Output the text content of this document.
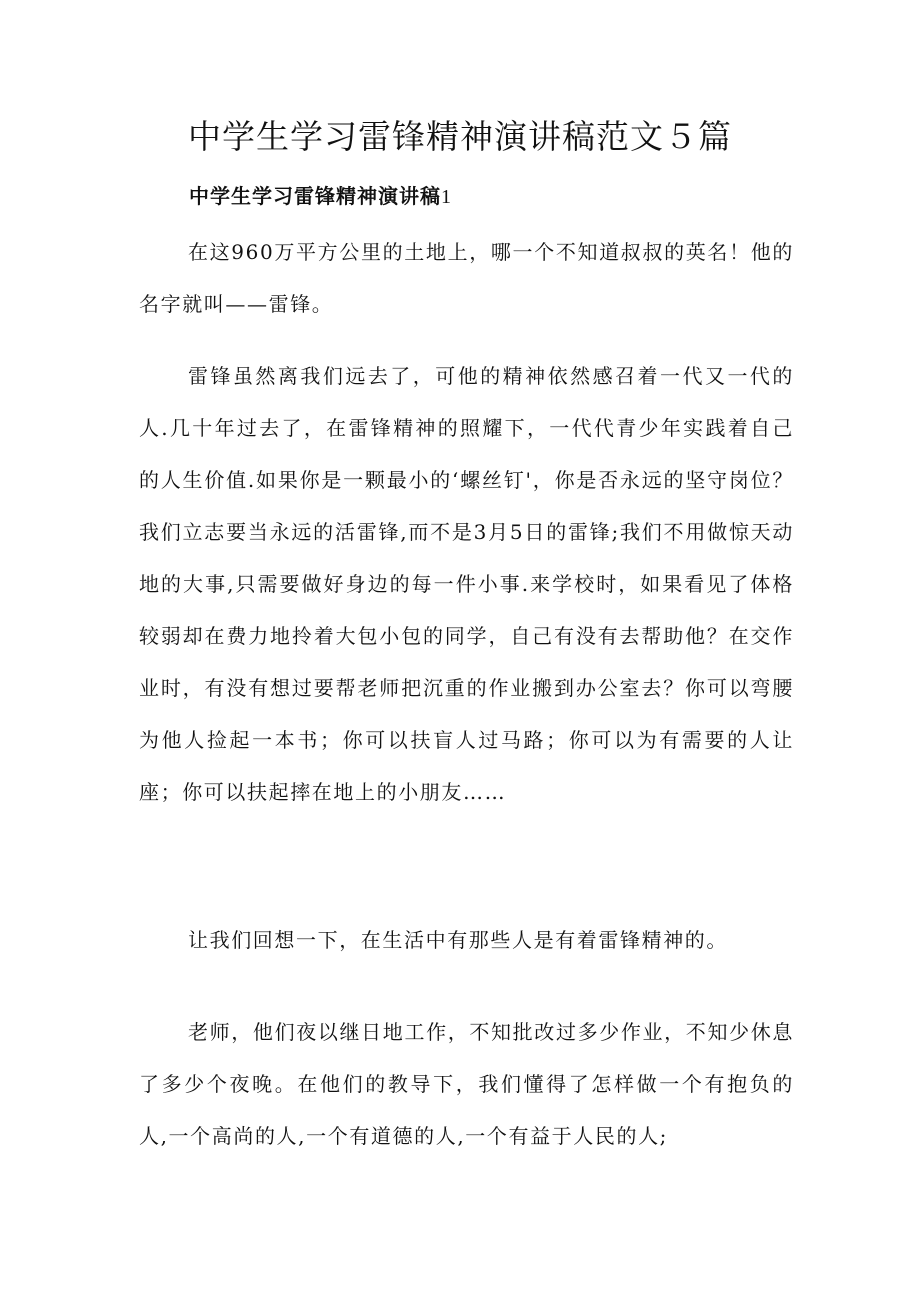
中学生学习雷锋精神演讲稿范文５篇
中学生学习雷锋精神演讲稿1

在这960万平方公里的土地上，哪一个不知道叔叔的英名！他的名字就叫——雷锋。

雷锋虽然离我们远去了，可他的精神依然感召着一代又一代的人.几十年过去了，在雷锋精神的照耀下，一代代青少年实践着自己的人生价值.如果你是一颗最小的‘螺丝钉'，你是否永远的坚守岗位？我们立志要当永远的活雷锋,而不是3月5日的雷锋;我们不用做惊天动地的大事,只需要做好身边的每一件小事.来学校时，如果看见了体格较弱却在费力地拎着大包小包的同学，自己有没有去帮助他？在交作业时，有没有想过要帮老师把沉重的作业搬到办公室去？你可以弯腰为他人捡起一本书；你可以扶盲人过马路；你可以为有需要的人让座；你可以扶起摔在地上的小朋友……

让我们回想一下，在生活中有那些人是有着雷锋精神的。

老师，他们夜以继日地工作，不知批改过多少作业，不知少休息了多少个夜晚。在他们的教导下，我们懂得了怎样做一个有抱负的人,一个高尚的人,一个有道德的人,一个有益于人民的人;
